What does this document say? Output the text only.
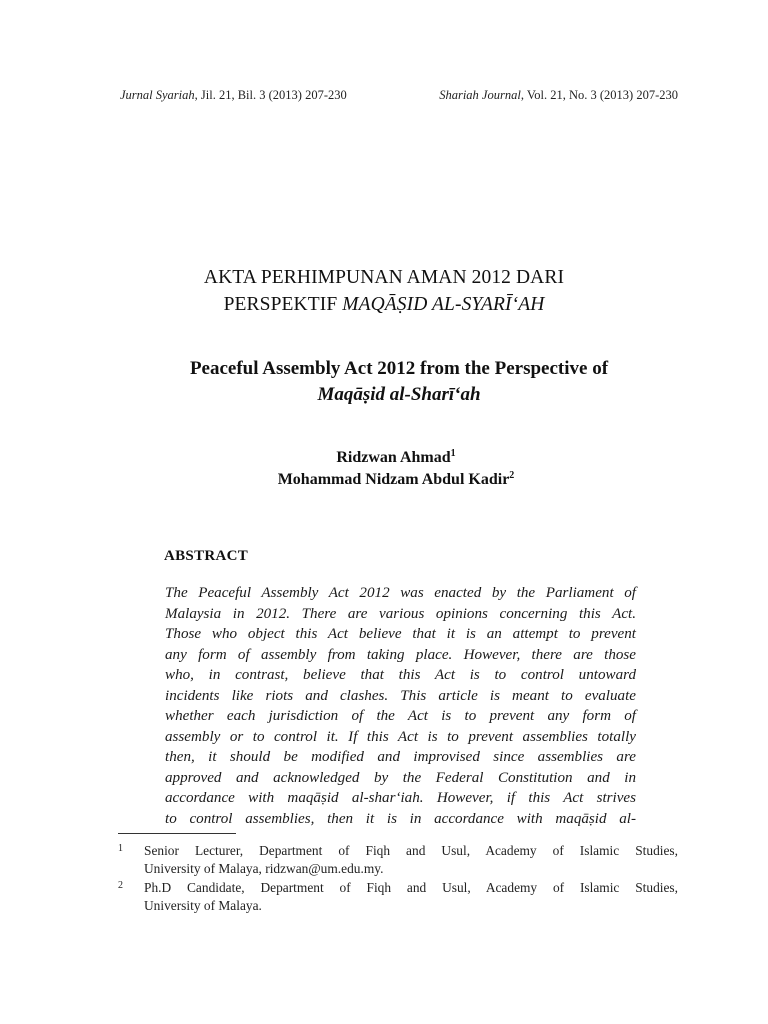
Jurnal Syariah, Jil. 21, Bil. 3 (2013) 207-230	Shariah Journal, Vol. 21, No. 3 (2013) 207-230
AKTA PERHIMPUNAN AMAN 2012 DARI
PERSPEKTIF MAQĀṢID AL-SYARĪ‘AH
Peaceful Assembly Act 2012 from the Perspective of
Maqāṣid al-Sharī‘ah
Ridzwan Ahmad$^1$
Mohammad Nidzam Abdul Kadir$^2$
ABSTRACT
The Peaceful Assembly Act 2012 was enacted by the Parliament of
Malaysia in 2012. There are various opinions concerning this Act.
Those who object this Act believe that it is an attempt to prevent
any form of assembly from taking place. However, there are those
who, in contrast, believe that this Act is to control untoward
incidents like riots and clashes. This article is meant to evaluate
whether each jurisdiction of the Act is to prevent any form of
assembly or to control it. If this Act is to prevent assemblies totally
then, it should be modified and improvised since assemblies are
approved and acknowledged by the Federal Constitution and in
accordance with maqāṣid al-shar‘iah. However, if this Act strives
to control assemblies, then it is in accordance with maqāṣid al-
1 Senior Lecturer, Department of Fiqh and Usul, Academy of Islamic Studies,
University of Malaya, ridzwan@um.edu.my.
2 Ph.D Candidate, Department of Fiqh and Usul, Academy of Islamic Studies,
University of Malaya.
